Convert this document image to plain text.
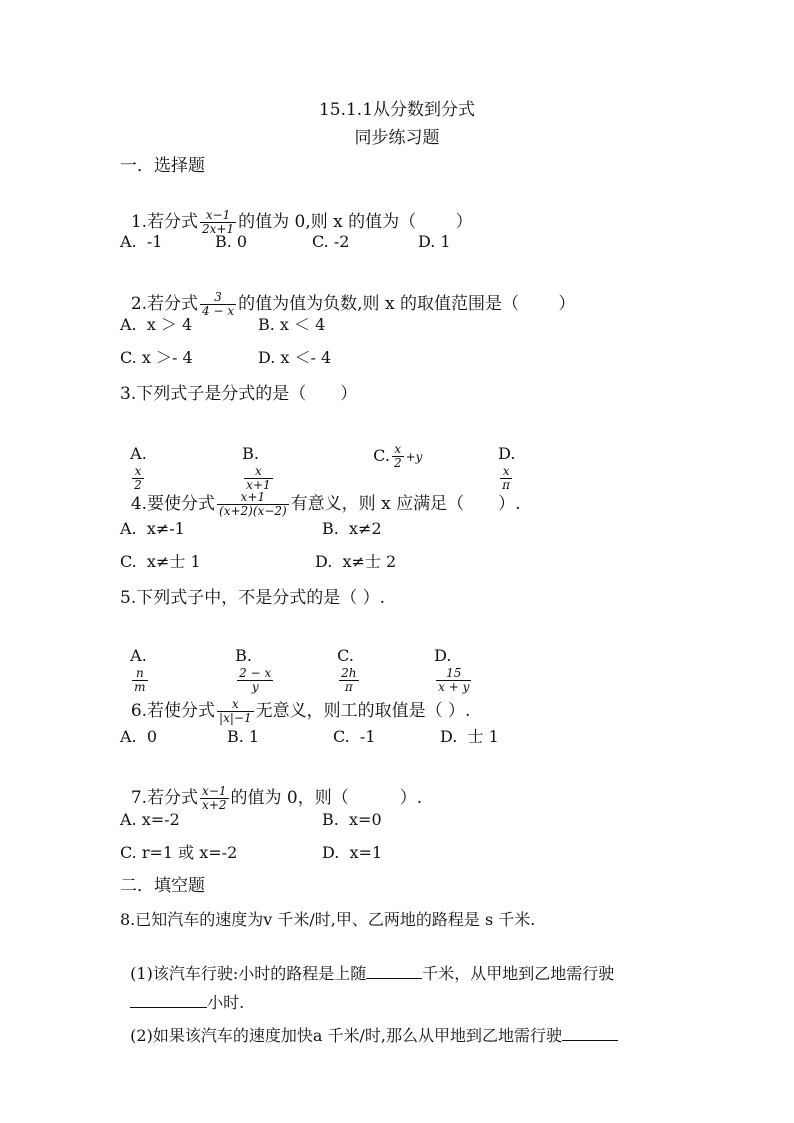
15.1.1从分数到分式
同步练习题
一．选择题

1.若分式 $\frac{x-1}{2x+1}$ 的值为 0,则 x 的值为（　　 ）

A.  -1	B. 0	C. -2	D. 1

2.若分式 $\frac{3}{4 - x}$ 的值为值为负数,则 x 的取值范围是（　　 ）

A.  x ＞ 4	B. x ＜ 4
C. x ＞- 4	D. x ＜- 4
3.下列式子是分式的是（　　）

A.

$\frac{x}{2}$

B.

$\frac{x}{x+1}$

C. $\frac{x}{2} +y$	D.

$\frac{x}{\pi}$

4.要使分式 $\frac{x+1}{(x+2)(x-2)}$ 有意义，则 x 应满足（　　）.

A.  x≠-1	B.  x≠2
C.  x≠士 1	D.  x≠士 2
5.下列式子中，不是分式的是（ ）.

A.

$\frac{n}{m}$

B.

$\frac{2 - x}{y}$

C.

$\frac{2h}{\pi}$

D.

$\frac{15}{x + y}$

6.若使分式 $\frac{x}{|x|-1}$ 无意义，则工的取值是（ ）.

A.  0	B. 1	C.  -1	D.  士 1

7.若分式 $\frac{x-1}{x+2}$ 的值为 0，则（　　　）.

A. x=-2	B.  x=0
C. r=1 或 x=-2	D.  x=1
二．填空题
8.已知汽车的速度为v 千米/时,甲、乙两地的路程是 s 千米.

(1)该汽车行驶:小时的路程是上随	千米，从甲地到乙地需行驶

小时.

(2)如果该汽车的速度加快a 千米/时,那么从甲地到乙地需行驶
